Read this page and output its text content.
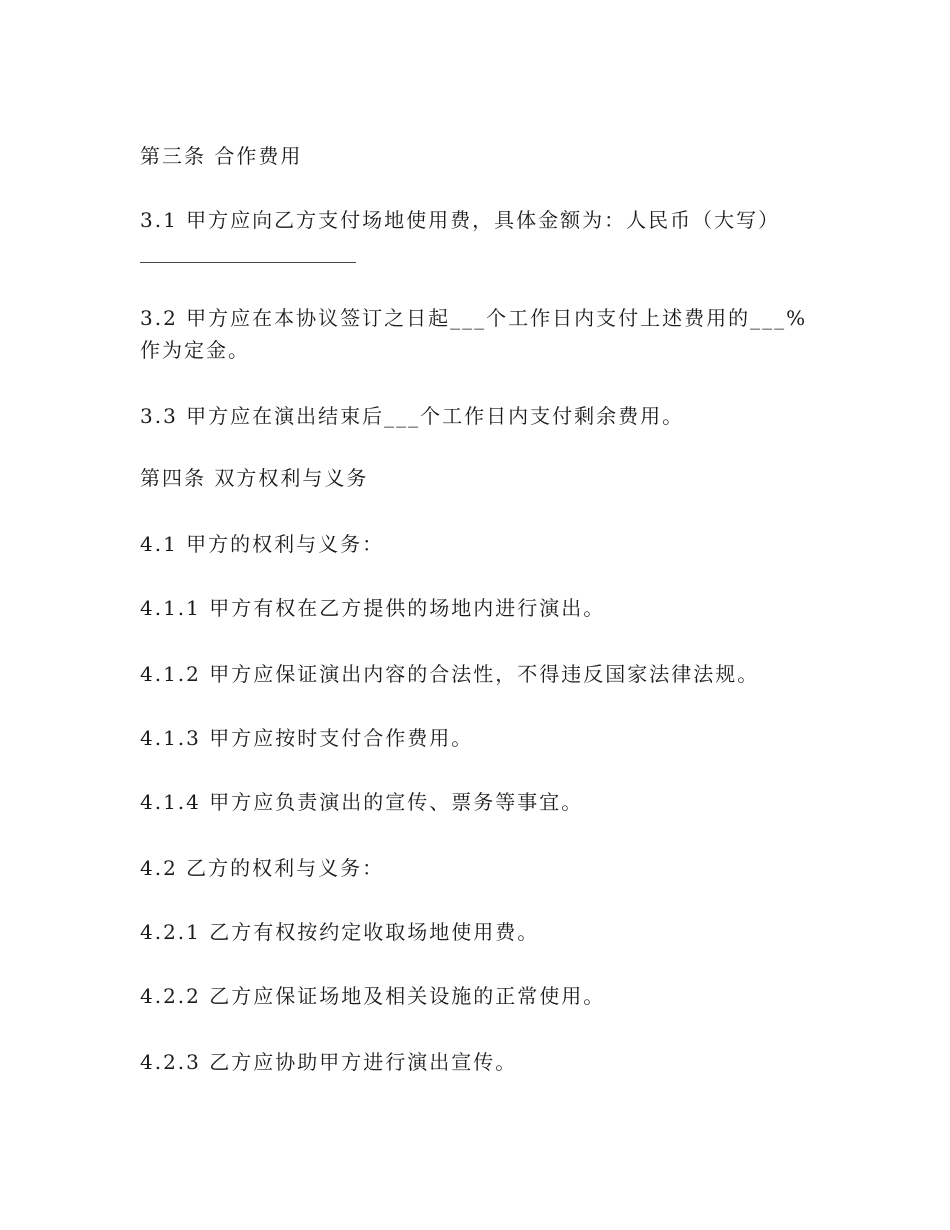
第三条 合作费用
3.1 甲方应向乙方支付场地使用费，具体金额为：人民币（大写）
3.2 甲方应在本协议签订之日起___个工作日内支付上述费用的___%作为定金。
3.3 甲方应在演出结束后___个工作日内支付剩余费用。
第四条 双方权利与义务
4.1 甲方的权利与义务：
4.1.1 甲方有权在乙方提供的场地内进行演出。
4.1.2 甲方应保证演出内容的合法性，不得违反国家法律法规。
4.1.3 甲方应按时支付合作费用。
4.1.4 甲方应负责演出的宣传、票务等事宜。
4.2 乙方的权利与义务：
4.2.1 乙方有权按约定收取场地使用费。
4.2.2 乙方应保证场地及相关设施的正常使用。
4.2.3 乙方应协助甲方进行演出宣传。
